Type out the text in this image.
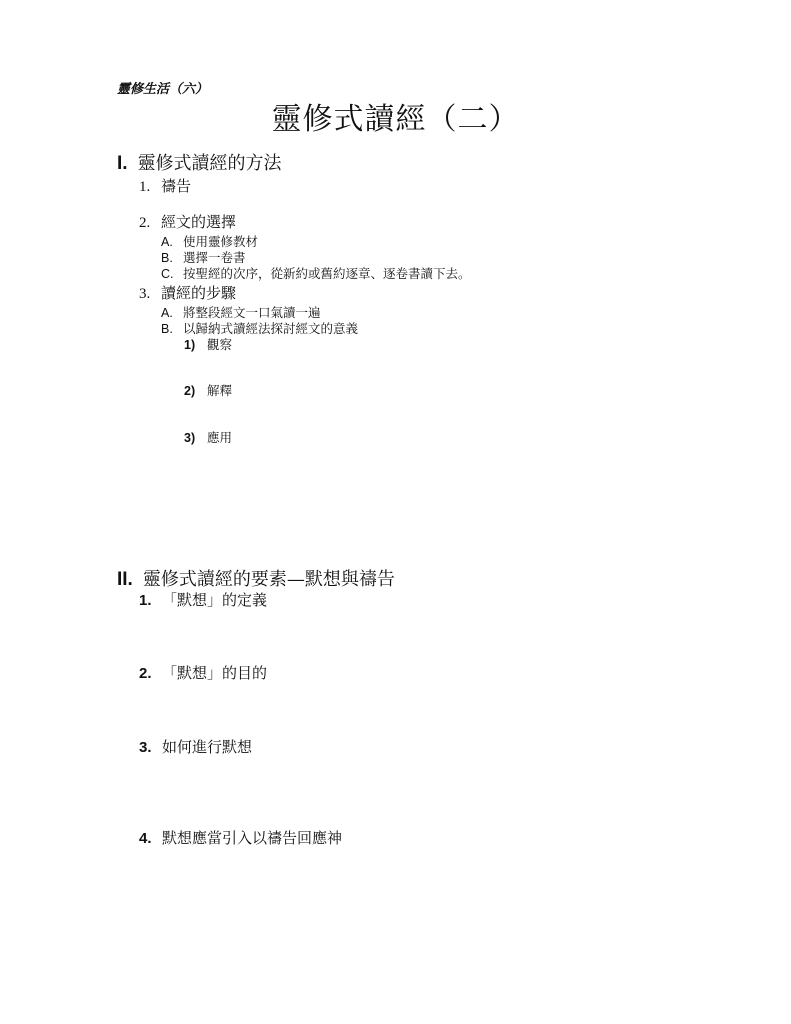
靈修生活（六）
靈修式讀經（二）
I. 靈修式讀經的方法
1. 禱告
2. 經文的選擇
A. 使用靈修教材
B. 選擇一卷書
C. 按聖經的次序，從新約或舊約逐章、逐卷書讀下去。
3. 讀經的步驟
A. 將整段經文一口氣讀一遍
B. 以歸納式讀經法探討經文的意義
1) 觀察
2) 解釋
3) 應用
II. 靈修式讀經的要素—默想與禱告
1. 「默想」的定義
2. 「默想」的目的
3. 如何進行默想
4. 默想應當引入以禱告回應神
